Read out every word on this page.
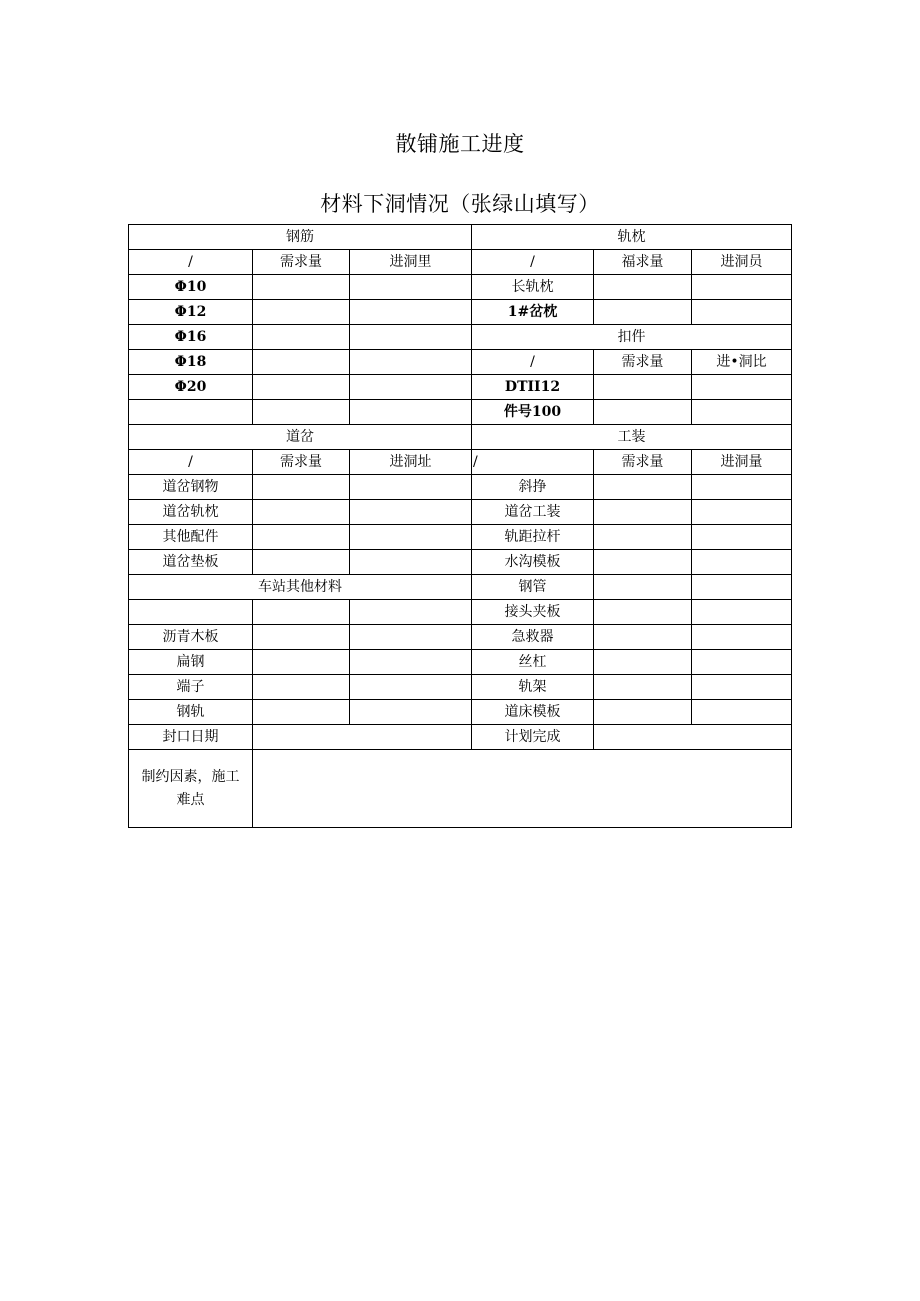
散铺施工进度
材料下洞情况（张绿山填写）
钢筋			轨枕		
/	需求量	进洞里	/	福求量	进洞员
Φ10			长轨枕		
Φ12			1#岔枕		
Φ16			扣件		
Φ18			/	需求量	进•洞比
Φ20			DTII12		
			件号100		
道岔			工装		
/	需求量	进洞址	/	需求量	进洞量
道岔钢物			斜挣		
道岔轨枕			道岔工装		
其他配件			轨距拉杆		
道岔垫板			水沟模板		
车站其他材料			钢管		
			接头夹板		
沥青木板			急救器		
扁钢			丝杠		
端子			轨架		
钢轨			道床模板		
封口日期			计划完成		
制约因素，施工难点					
